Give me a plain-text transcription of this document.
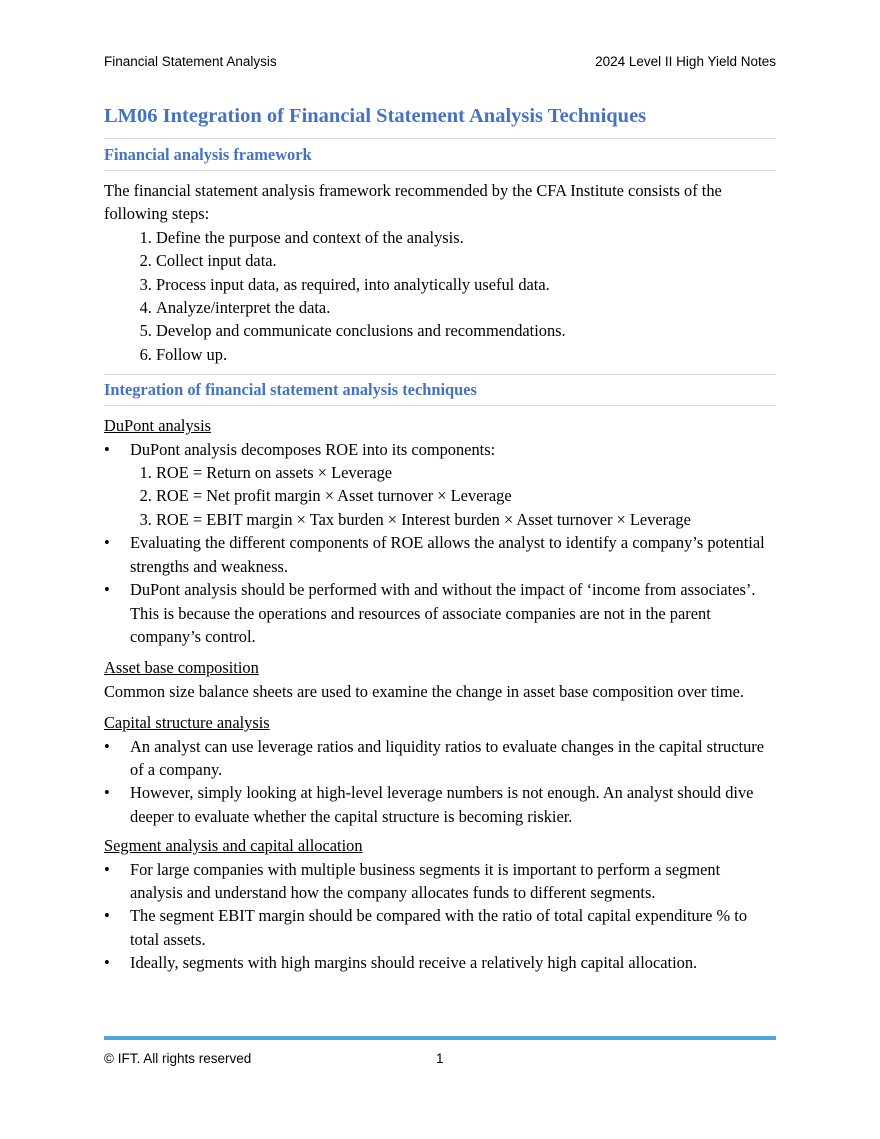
Financial Statement Analysis	2024 Level II High Yield Notes
LM06 Integration of Financial Statement Analysis Techniques
Financial analysis framework

The financial statement analysis framework recommended by the CFA Institute consists of the following steps:

1. Define the purpose and context of the analysis.
2. Collect input data.
3. Process input data, as required, into analytically useful data.
4. Analyze/interpret the data.
5. Develop and communicate conclusions and recommendations.
6. Follow up.
Integration of financial statement analysis techniques

DuPont analysis

•	DuPont analysis decomposes ROE into its components:
1. ROE = Return on assets × Leverage
2. ROE = Net profit margin × Asset turnover × Leverage
3. ROE = EBIT margin × Tax burden × Interest burden × Asset turnover × Leverage
•	Evaluating the different components of ROE allows the analyst to identify a company’s potential strengths and weakness.
•	DuPont analysis should be performed with and without the impact of ‘income from associates’. This is because the operations and resources of associate companies are not in the parent company’s control.

Asset base composition

Common size balance sheets are used to examine the change in asset base composition over time.

Capital structure analysis

•	An analyst can use leverage ratios and liquidity ratios to evaluate changes in the capital structure of a company.
•	However, simply looking at high-level leverage numbers is not enough. An analyst should dive deeper to evaluate whether the capital structure is becoming riskier.

Segment analysis and capital allocation

•	For large companies with multiple business segments it is important to perform a segment analysis and understand how the company allocates funds to different segments.
•	The segment EBIT margin should be compared with the ratio of total capital expenditure % to total assets.
•	Ideally, segments with high margins should receive a relatively high capital allocation.
© IFT. All rights reserved	1
